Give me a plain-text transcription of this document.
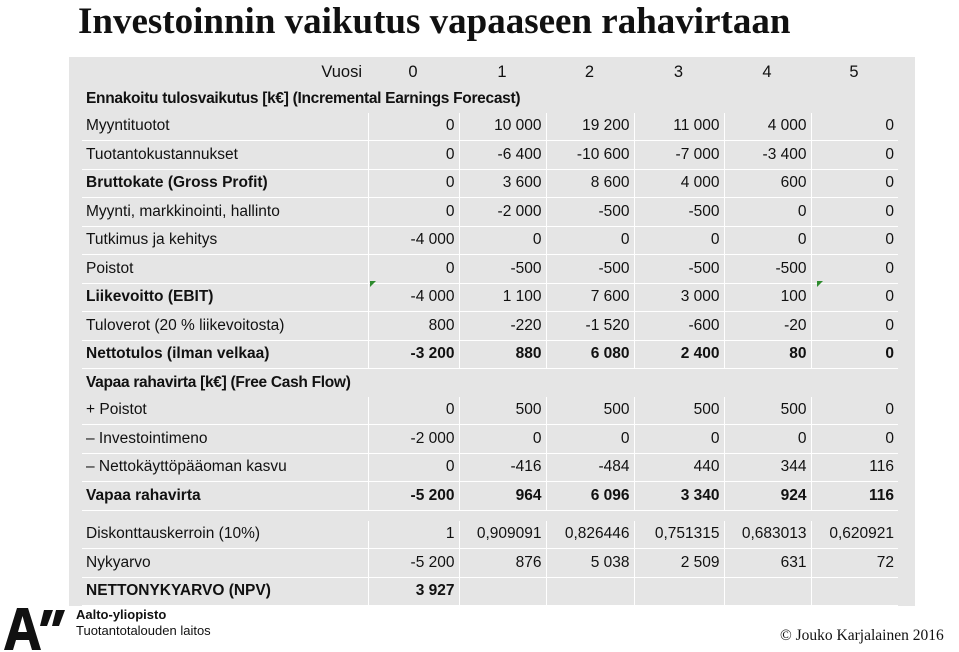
Investoinnin vaikutus vapaaseen rahavirtaan
Vuosi	0	1	2	3	4	5
Ennakoitu tulosvaikutus [k€] (Incremental Earnings Forecast)						
Myyntituotot	0	10 000	19 200	11 000	4 000	0
Tuotantokustannukset	0	-6 400	-10 600	-7 000	-3 400	0
Bruttokate (Gross Profit)	0	3 600	8 600	4 000	600	0
Myynti, markkinointi, hallinto	0	-2 000	-500	-500	0	0
Tutkimus ja kehitys	-4 000	0	0	0	0	0
Poistot	0	-500	-500	-500	-500	0
Liikevoitto (EBIT)	-4 000	1 100	7 600	3 000	100	0
Tuloverot (20 % liikevoitosta)	800	-220	-1 520	-600	-20	0
Nettotulos (ilman velkaa)	-3 200	880	6 080	2 400	80	0
Vapaa rahavirta [k€] (Free Cash Flow)						
+ Poistot	0	500	500	500	500	0
– Investointimeno	-2 000	0	0	0	0	0
– Nettokäyttöpääoman kasvu	0	-416	-484	440	344	116
Vapaa rahavirta	-5 200	964	6 096	3 340	924	116

Diskonttauskerroin (10%)	1	0,909091	0,826446	0,751315	0,683013	0,620921
Nykyarvo	-5 200	876	5 038	2 509	631	72
NETTONYKYARVO (NPV)	3 927					
Aalto-yliopisto
Tuotantotalouden laitos	© Jouko Karjalainen 2016
